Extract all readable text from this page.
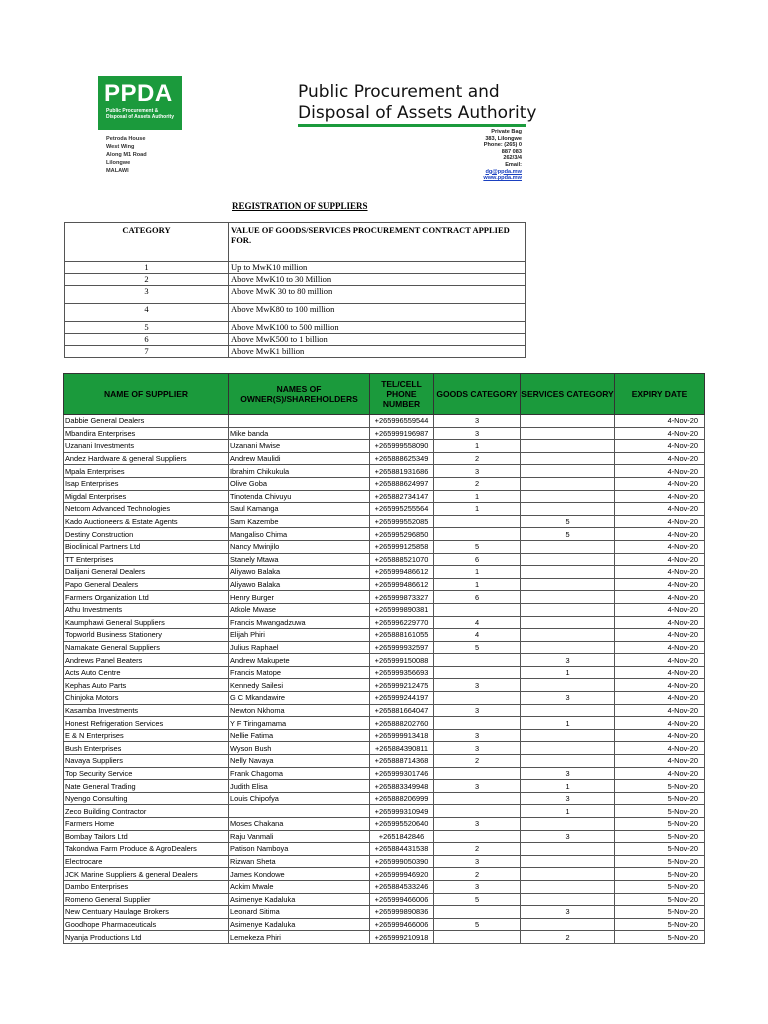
PPDA
Public Procurement &
Disposal of Assets Authority
Petroda House
West Wing
Along M1 Road
Lilongwe
MALAWI
Public Procurement and
Disposal of Assets Authority
Private Bag
383, Lilongwe
Phone: (265) 0
887 083
262/3/4
Email:
dg@ppda.mw
www.ppda.mw
REGISTRATION OF SUPPLIERS
CATEGORY	VALUE OF GOODS/SERVICES PROCUREMENT CONTRACT APPLIED FOR.
1	Up to MwK10 million
2	Above MwK10 to 30 Million
3	Above MwK 30 to 80 million
4	Above MwK80 to 100 million
5	Above MwK100 to 500 million
6	Above MwK500 to 1 billion
7	Above MwK1 billion
NAME OF SUPPLIER	NAMES OF OWNER(S)/SHAREHOLDERS	TEL/CELL PHONE NUMBER	GOODS CATEGORY	SERVICES CATEGORY	EXPIRY DATE
Dabbie General Dealers		+265996559544	3		4-Nov-20
Mbandira Enterprises	Mike banda	+265999196987	3		4-Nov-20
Uzanani Investments	Uzanani Mwise	+265999558090	1		4-Nov-20
Andez Hardware & general Suppliers	Andrew Maulidi	+265888625349	2		4-Nov-20
Mpala Enterprises	Ibrahim Chikukula	+265881931686	3		4-Nov-20
Isap Enterprises	Olive Goba	+265888624997	2		4-Nov-20
Migdal Enterprises	Tinotenda Chivuyu	+265882734147	1		4-Nov-20
Netcom Advanced Technologies	Saul Kamanga	+265995255564	1		4-Nov-20
Kado Auctioneers & Estate Agents	Sam Kazembe	+265999552085		5	4-Nov-20
Destiny Construction	Mangaliso Chima	+265995296850		5	4-Nov-20
Bioclinical Partners Ltd	Nancy Mwinjilo	+265999125858	5		4-Nov-20
TT Enterprises	Stanely Mtawa	+265888521070	6		4-Nov-20
Dalijani General Dealers	Aliyawo Balaka	+265999486612	1		4-Nov-20
Papo General Dealers	Aliyawo Balaka	+265999486612	1		4-Nov-20
Farmers Organization Ltd	Henry Burger	+265999873327	6		4-Nov-20
Athu Investments	Atkole Mwase	+265999890381			4-Nov-20
Kaumphawi General Suppliers	Francis Mwangadzuwa	+265996229770	4		4-Nov-20
Topworld Business Stationery	Elijah Phiri	+265888161055	4		4-Nov-20
Namakate General Suppliers	Julius Raphael	+265999932597	5		4-Nov-20
Andrews Panel Beaters	Andrew Makupete	+265999150088		3	4-Nov-20
Acts Auto Centre	Francis Matope	+265999356693		1	4-Nov-20
Kephas Auto Parts	Kennedy Sailesi	+265999212475	3		4-Nov-20
Chinjoka Motors	G C Mkandawire	+265999244197		3	4-Nov-20
Kasamba Investments	Newton Nkhoma	+265881664047	3		4-Nov-20
Honest Refrigeration Services	Y F Tiringamama	+265888202760		1	4-Nov-20
E & N Enterprises	Nellie Fatima	+265999913418	3		4-Nov-20
Bush Enterprises	Wyson Bush	+265884390811	3		4-Nov-20
Navaya Suppliers	Nelly Navaya	+265888714368	2		4-Nov-20
Top Security Service	Frank Chagoma	+265999301746		3	4-Nov-20
Nate General Trading	Judith Elisa	+265883349948	3	1	5-Nov-20
Nyengo Consulting	Louis Chipofya	+265888206999		3	5-Nov-20
Zeco Building Contractor		+265999310949		1	5-Nov-20
Farmers Home	Moses Chakana	+265995520640	3		5-Nov-20
Bombay Tailors Ltd	Raju Vanmali	+2651842846		3	5-Nov-20
Takondwa Farm Produce & AgroDealers	Patison Namboya	+265884431538	2		5-Nov-20
Electrocare	Rizwan Sheta	+265999050390	3		5-Nov-20
JCK Marine Suppliers & general Dealers	James Kondowe	+265999946920	2		5-Nov-20
Dambo Enterprises	Ackim Mwale	+265884533246	3		5-Nov-20
Romeno General Supplier	Asimenye Kadaluka	+265999466006	5		5-Nov-20
New Centuary Haulage Brokers	Leonard Sitima	+265999890836		3	5-Nov-20
Goodhope Pharmaceuticals	Asimenye Kadaluka	+265999466006	5		5-Nov-20
Nyanja Productions Ltd	Lemekeza Phiri	+265999210918		2	5-Nov-20
